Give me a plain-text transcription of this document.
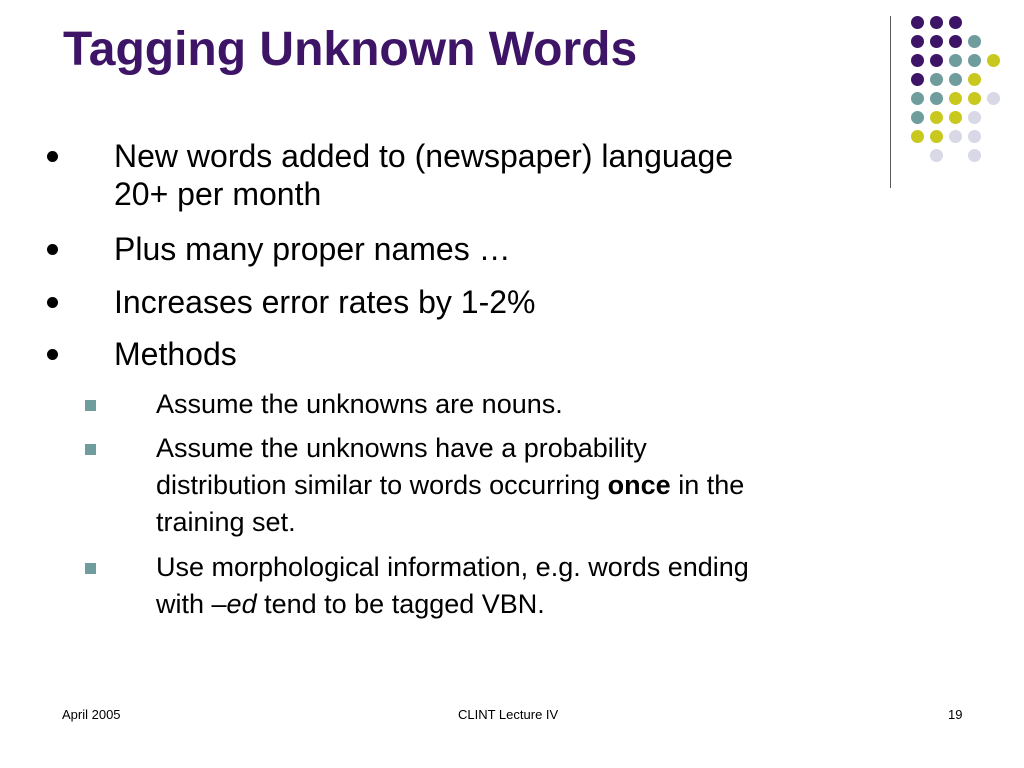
Tagging Unknown Words
New words added to (newspaper) language
20+ per month
Plus many proper names …
Increases error rates by 1-2%
Methods
Assume the unknowns are nouns.
Assume the unknowns have a probability
distribution similar to words occurring once in the
training set.
Use morphological information, e.g. words ending
with –ed tend to be tagged VBN.
April 2005	CLINT Lecture IV	19
